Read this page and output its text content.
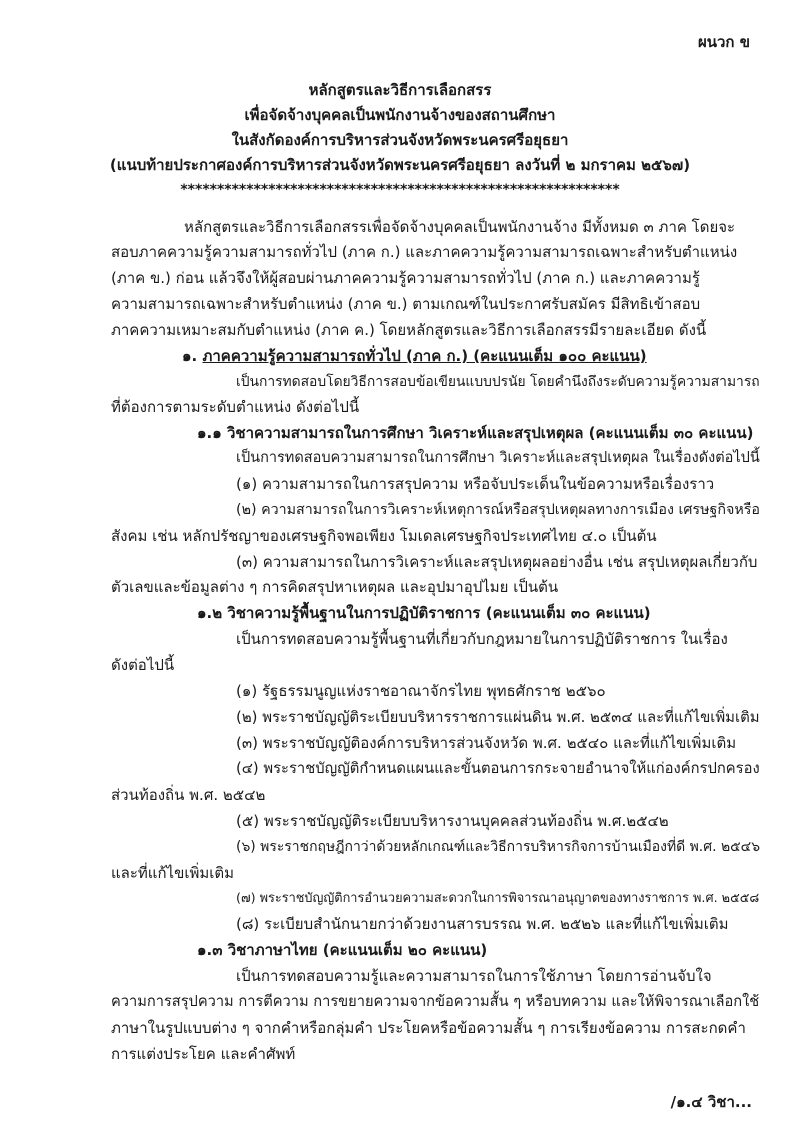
ผนวก ข

หลักสูตรและวิธีการเลือกสรร

เพื่อจัดจ้างบุคคลเป็นพนักงานจ้างของสถานศึกษา

ในสังกัดองค์การบริหารส่วนจังหวัดพระนครศรีอยุธยา

(แนบท้ายประกาศองค์การบริหารส่วนจังหวัดพระนครศรีอยุธยา ลงวันที่ ๒ มกราคม ๒๕๖๗)

************************************************************

หลักสูตรและวิธีการเลือกสรรเพื่อจัดจ้างบุคคลเป็นพนักงานจ้าง มีทั้งหมด ๓ ภาค โดยจะ

สอบภาคความรู้ความสามารถทั่วไป (ภาค ก.) และภาคความรู้ความสามารถเฉพาะสำหรับตำแหน่ง

(ภาค ข.) ก่อน แล้วจึงให้ผู้สอบผ่านภาคความรู้ความสามารถทั่วไป (ภาค ก.) และภาคความรู้

ความสามารถเฉพาะสำหรับตำแหน่ง (ภาค ข.) ตามเกณฑ์ในประกาศรับสมัคร มีสิทธิเข้าสอบ

ภาคความเหมาะสมกับตำแหน่ง (ภาค ค.) โดยหลักสูตรและวิธีการเลือกสรรมีรายละเอียด ดังนี้

๑. ภาคความรู้ความสามารถทั่วไป (ภาค ก.) (คะแนนเต็ม ๑๐๐ คะแนน)

เป็นการทดสอบโดยวิธีการสอบข้อเขียนแบบปรนัย โดยคำนึงถึงระดับความรู้ความสามารถ

ที่ต้องการตามระดับตำแหน่ง ดังต่อไปนี้

๑.๑ วิชาความสามารถในการศึกษา วิเคราะห์และสรุปเหตุผล (คะแนนเต็ม ๓๐ คะแนน)

เป็นการทดสอบความสามารถในการศึกษา วิเคราะห์และสรุปเหตุผล ในเรื่องดังต่อไปนี้

(๑) ความสามารถในการสรุปความ หรือจับประเด็นในข้อความหรือเรื่องราว

(๒) ความสามารถในการวิเคราะห์เหตุการณ์หรือสรุปเหตุผลทางการเมือง เศรษฐกิจหรือ

สังคม เช่น หลักปรัชญาของเศรษฐกิจพอเพียง โมเดลเศรษฐกิจประเทศไทย ๔.๐ เป็นต้น

(๓) ความสามารถในการวิเคราะห์และสรุปเหตุผลอย่างอื่น เช่น สรุปเหตุผลเกี่ยวกับ

ตัวเลขและข้อมูลต่าง ๆ การคิดสรุปหาเหตุผล และอุปมาอุปไมย เป็นต้น

๑.๒ วิชาความรู้พื้นฐานในการปฏิบัติราชการ (คะแนนเต็ม ๓๐ คะแนน)

เป็นการทดสอบความรู้พื้นฐานที่เกี่ยวกับกฎหมายในการปฏิบัติราชการ ในเรื่อง

ดังต่อไปนี้

(๑) รัฐธรรมนูญแห่งราชอาณาจักรไทย พุทธศักราช ๒๕๖๐

(๒) พระราชบัญญัติระเบียบบริหารราชการแผ่นดิน พ.ศ. ๒๕๓๔ และที่แก้ไขเพิ่มเติม

(๓) พระราชบัญญัติองค์การบริหารส่วนจังหวัด พ.ศ. ๒๕๔๐ และที่แก้ไขเพิ่มเติม

(๔) พระราชบัญญัติกำหนดแผนและขั้นตอนการกระจายอำนาจให้แก่องค์กรปกครอง

ส่วนท้องถิ่น พ.ศ. ๒๕๔๒

(๕) พระราชบัญญัติระเบียบบริหารงานบุคคลส่วนท้องถิ่น พ.ศ.๒๕๔๒

(๖) พระราชกฤษฎีกาว่าด้วยหลักเกณฑ์และวิธีการบริหารกิจการบ้านเมืองที่ดี พ.ศ. ๒๕๔๖

และที่แก้ไขเพิ่มเติม

(๗) พระราชบัญญัติการอำนวยความสะดวกในการพิจารณาอนุญาตของทางราชการ พ.ศ. ๒๕๕๘

(๘) ระเบียบสำนักนายกว่าด้วยงานสารบรรณ พ.ศ. ๒๕๒๖ และที่แก้ไขเพิ่มเติม

๑.๓ วิชาภาษาไทย (คะแนนเต็ม ๒๐ คะแนน)

เป็นการทดสอบความรู้และความสามารถในการใช้ภาษา โดยการอ่านจับใจ

ความการสรุปความ การตีความ การขยายความจากข้อความสั้น ๆ หรือบทความ และให้พิจารณาเลือกใช้

ภาษาในรูปแบบต่าง ๆ จากคำหรือกลุ่มคำ ประโยคหรือข้อความสั้น ๆ การเรียงข้อความ การสะกดคำ

การแต่งประโยค และคำศัพท์

/๑.๔ วิชา...
